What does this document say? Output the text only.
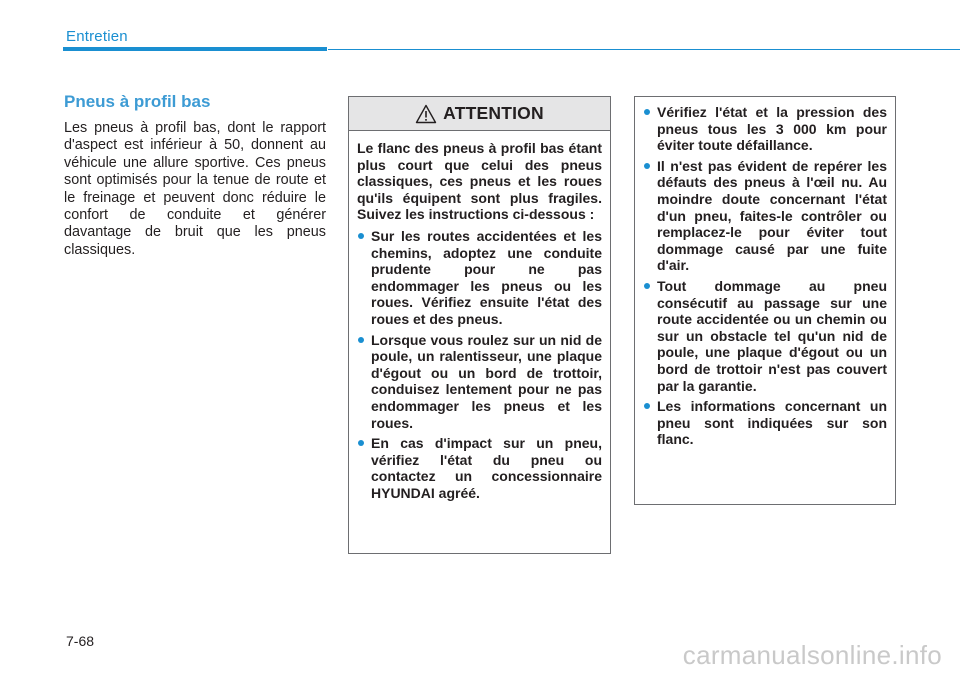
Entretien
Pneus à profil bas

Les pneus à profil bas, dont le rapport d'aspect est inférieur à 50, donnent au véhicule une allure sportive. Ces pneus sont optimisés pour la tenue de route et le freinage et peuvent donc réduire le confort de conduite et générer davantage de bruit que les pneus classiques.

ATTENTION

Le flanc des pneus à profil bas étant plus court que celui des pneus classiques, ces pneus et les roues qu'ils équipent sont plus fragiles. Suivez les instructions ci-dessous :

Sur les routes accidentées et les chemins, adoptez une conduite prudente pour ne pas endommager les pneus ou les roues. Vérifiez ensuite l'état des roues et des pneus.
Lorsque vous roulez sur un nid de poule, un ralentisseur, une plaque d'égout ou un bord de trottoir, conduisez lentement pour ne pas endommager les pneus et les roues.
En cas d'impact sur un pneu, vérifiez l'état du pneu ou contactez un concessionnaire HYUNDAI agréé.
Vérifiez l'état et la pression des pneus tous les 3 000 km pour éviter toute défaillance.
Il n'est pas évident de repérer les défauts des pneus à l'œil nu. Au moindre doute concernant l'état d'un pneu, faites-le contrôler ou remplacez-le pour éviter tout dommage causé par une fuite d'air.
Tout dommage au pneu consécutif au passage sur une route accidentée ou un chemin ou sur un obstacle tel qu'un nid de poule, une plaque d'égout ou un bord de trottoir n'est pas couvert par la garantie.
Les informations concernant un pneu sont indiquées sur son flanc.
7-68	carmanualsonline.info
